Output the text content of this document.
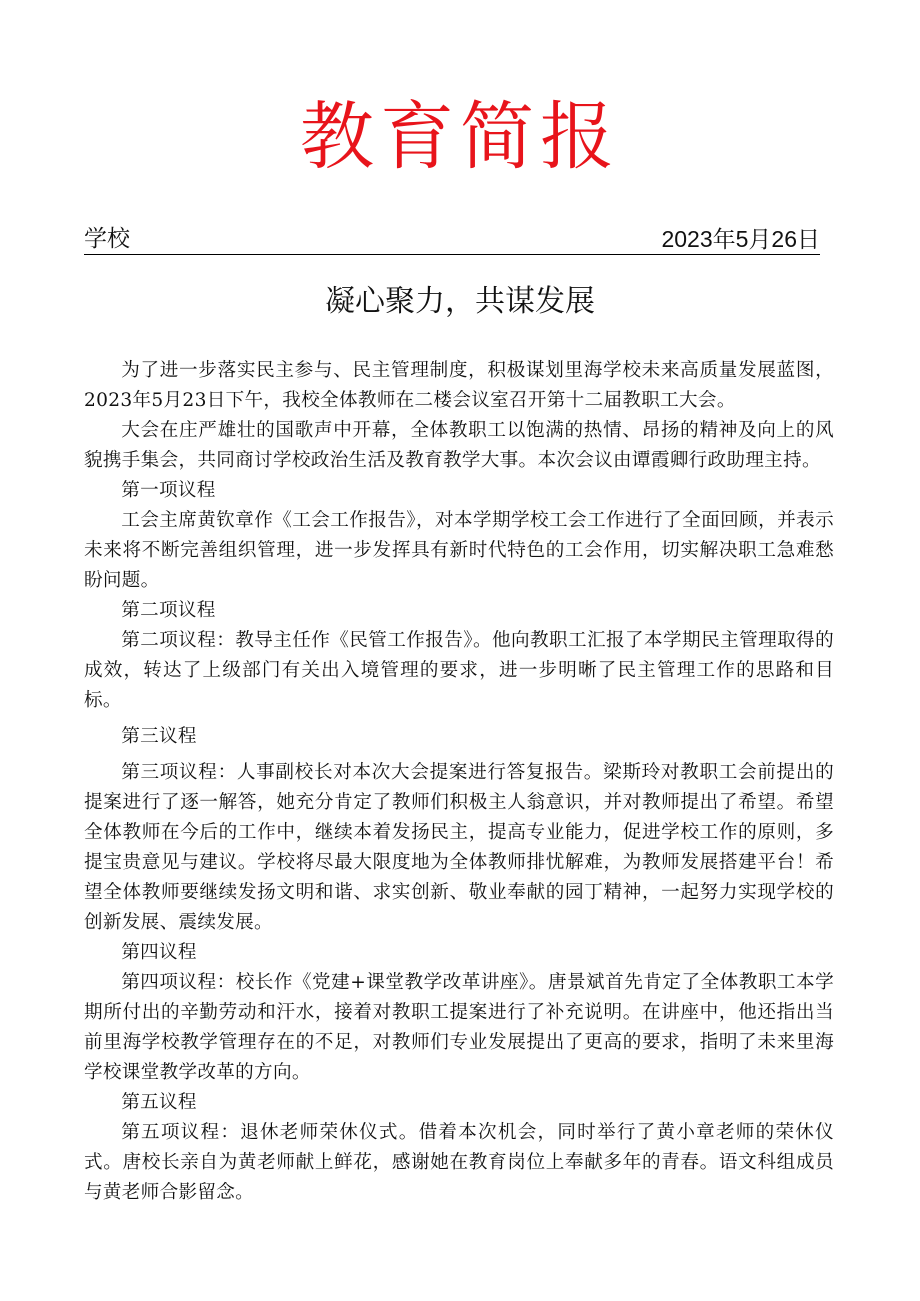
教育简报
学校	2023年5月26日
凝心聚力，共谋发展

为了进一步落实民主参与、民主管理制度，积极谋划里海学校未来高质量发展蓝图，2023年5月23日下午，我校全体教师在二楼会议室召开第十二届教职工大会。

大会在庄严雄壮的国歌声中开幕，全体教职工以饱满的热情、昂扬的精神及向上的风貌携手集会，共同商讨学校政治生活及教育教学大事。本次会议由谭霞卿行政助理主持。

第一项议程

工会主席黄钦章作《工会工作报告》，对本学期学校工会工作进行了全面回顾，并表示未来将不断完善组织管理，进一步发挥具有新时代特色的工会作用，切实解决职工急难愁盼问题。

第二项议程

第二项议程：教导主任作《民管工作报告》。他向教职工汇报了本学期民主管理取得的成效，转达了上级部门有关出入境管理的要求，进一步明晰了民主管理工作的思路和目标。

第三议程

第三项议程：人事副校长对本次大会提案进行答复报告。梁斯玲对教职工会前提出的提案进行了逐一解答，她充分肯定了教师们积极主人翁意识，并对教师提出了希望。希望全体教师在今后的工作中，继续本着发扬民主，提高专业能力，促进学校工作的原则，多提宝贵意见与建议。学校将尽最大限度地为全体教师排忧解难，为教师发展搭建平台！希望全体教师要继续发扬文明和谐、求实创新、敬业奉献的园丁精神，一起努力实现学校的创新发展、震续发展。

第四议程

第四项议程：校长作《党建+课堂教学改革讲座》。唐景斌首先肯定了全体教职工本学期所付出的辛勤劳动和汗水，接着对教职工提案进行了补充说明。在讲座中，他还指出当前里海学校教学管理存在的不足，对教师们专业发展提出了更高的要求，指明了未来里海学校课堂教学改革的方向。

第五议程

第五项议程：退休老师荣休仪式。借着本次机会，同时举行了黄小章老师的荣休仪式。唐校长亲自为黄老师献上鲜花，感谢她在教育岗位上奉献多年的青春。语文科组成员与黄老师合影留念。
